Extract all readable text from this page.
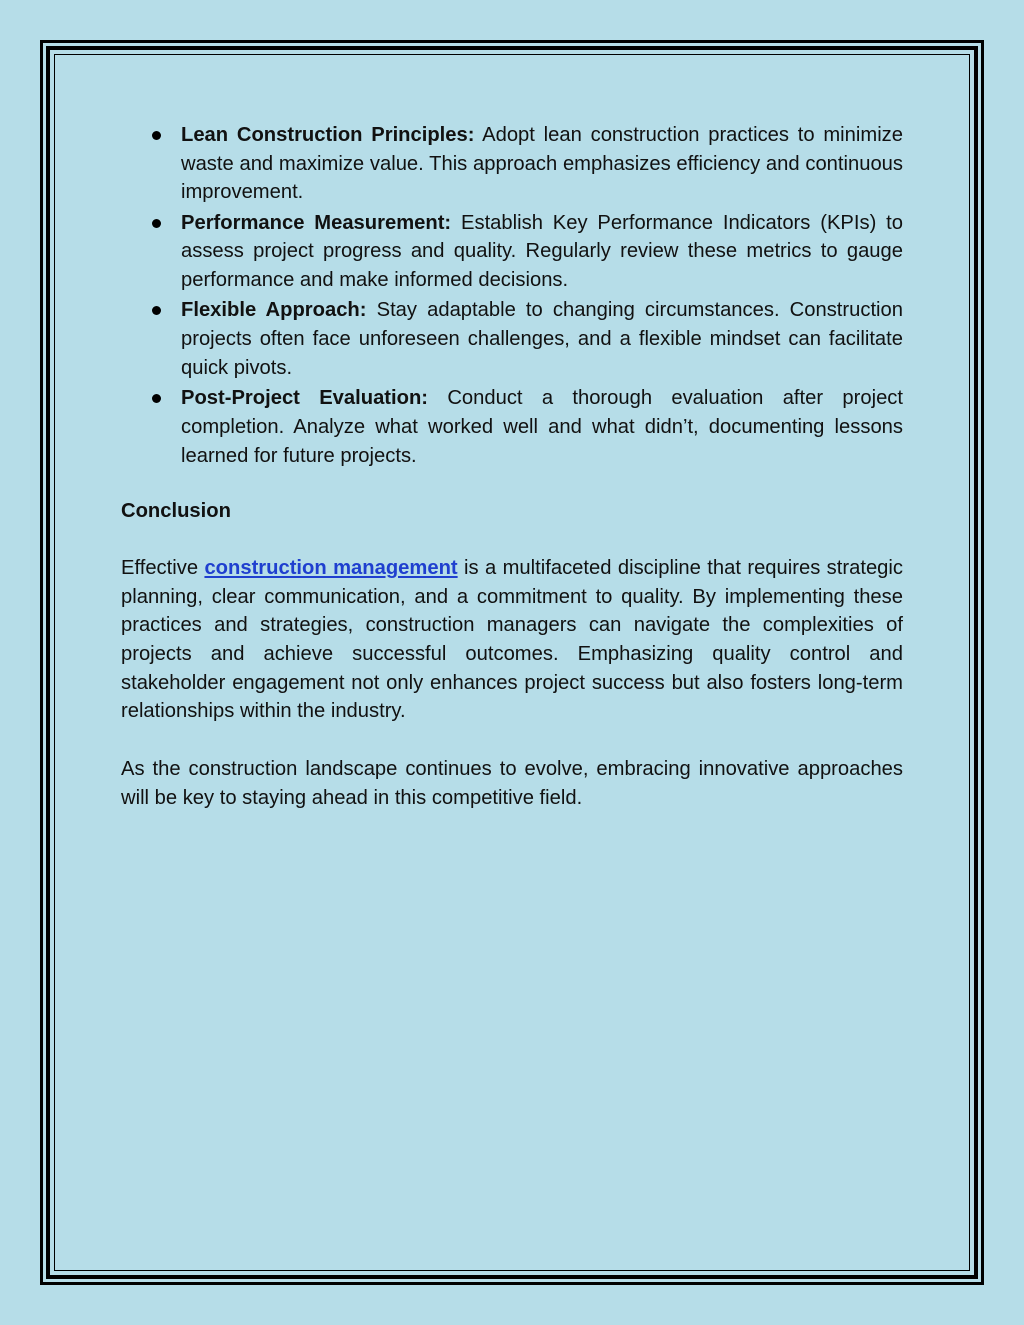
Lean Construction Principles: Adopt lean construction practices to minimize waste and maximize value. This approach emphasizes efficiency and continuous improvement.
Performance Measurement: Establish Key Performance Indicators (KPIs) to assess project progress and quality. Regularly review these metrics to gauge performance and make informed decisions.
Flexible Approach: Stay adaptable to changing circumstances. Construction projects often face unforeseen challenges, and a flexible mindset can facilitate quick pivots.
Post-Project Evaluation: Conduct a thorough evaluation after project completion. Analyze what worked well and what didn’t, documenting lessons learned for future projects.
Conclusion

Effective construction management is a multifaceted discipline that requires strategic planning, clear communication, and a commitment to quality. By implementing these practices and strategies, construction managers can navigate the complexities of projects and achieve successful outcomes. Emphasizing quality control and stakeholder engagement not only enhances project success but also fosters long-term relationships within the industry.

As the construction landscape continues to evolve, embracing innovative approaches will be key to staying ahead in this competitive field.
